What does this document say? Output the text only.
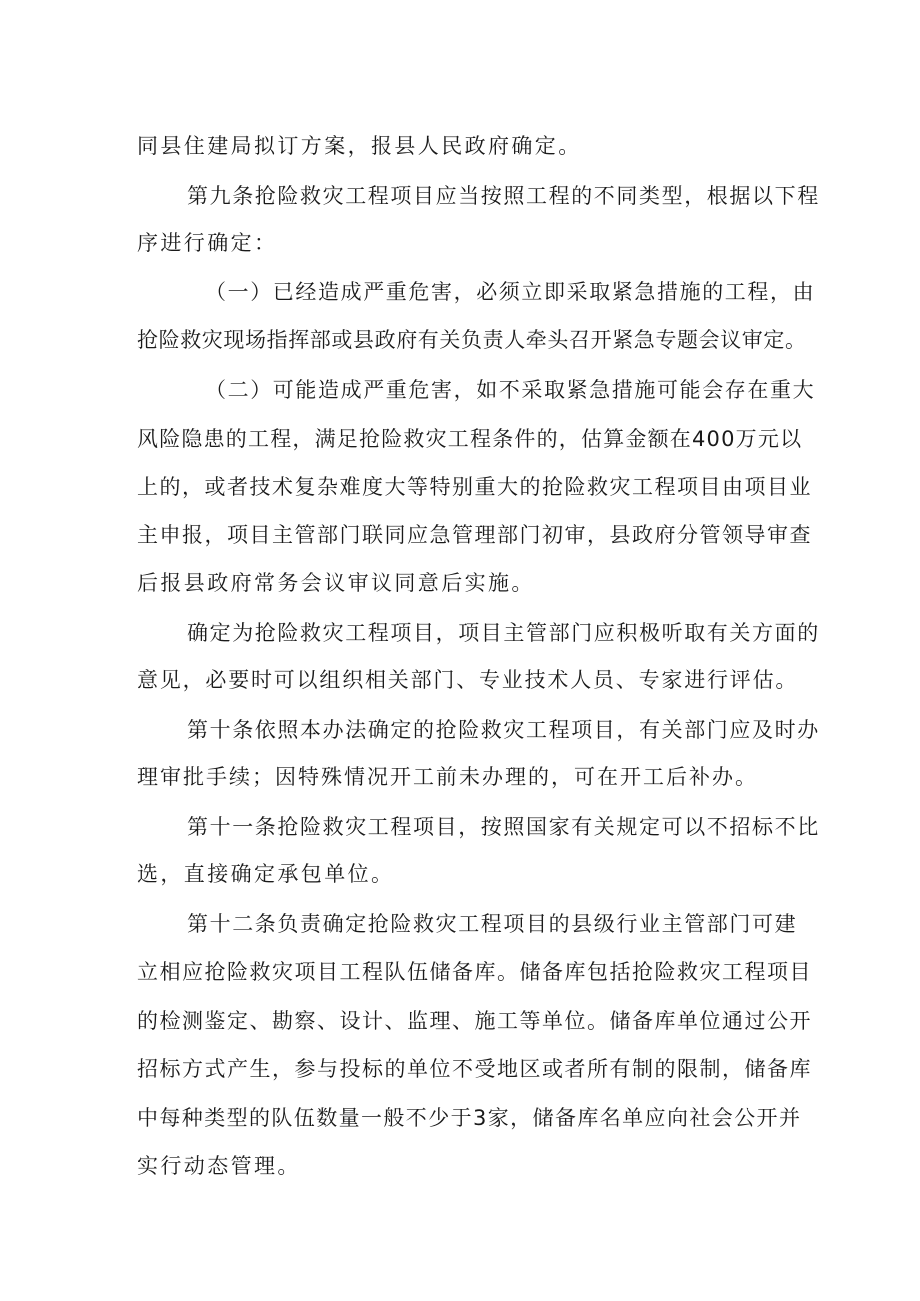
同县住建局拟订方案，报县人民政府确定。
第九条抢险救灾工程项目应当按照工程的不同类型，根据以下程
序进行确定：
（一）已经造成严重危害，必须立即采取紧急措施的工程，由
抢险救灾现场指挥部或县政府有关负责人牵头召开紧急专题会议审定。
（二）可能造成严重危害，如不采取紧急措施可能会存在重大
风险隐患的工程，满足抢险救灾工程条件的，估算金额在400万元以
上的，或者技术复杂难度大等特别重大的抢险救灾工程项目由项目业
主申报，项目主管部门联同应急管理部门初审，县政府分管领导审查
后报县政府常务会议审议同意后实施。
确定为抢险救灾工程项目，项目主管部门应积极听取有关方面的
意见，必要时可以组织相关部门、专业技术人员、专家进行评估。
第十条依照本办法确定的抢险救灾工程项目，有关部门应及时办
理审批手续；因特殊情况开工前未办理的，可在开工后补办。
第十一条抢险救灾工程项目，按照国家有关规定可以不招标不比
选，直接确定承包单位。
第十二条负责确定抢险救灾工程项目的县级行业主管部门可建
立相应抢险救灾项目工程队伍储备库。储备库包括抢险救灾工程项目
的检测鉴定、勘察、设计、监理、施工等单位。储备库单位通过公开
招标方式产生，参与投标的单位不受地区或者所有制的限制，储备库
中每种类型的队伍数量一般不少于3家，储备库名单应向社会公开并
实行动态管理。
